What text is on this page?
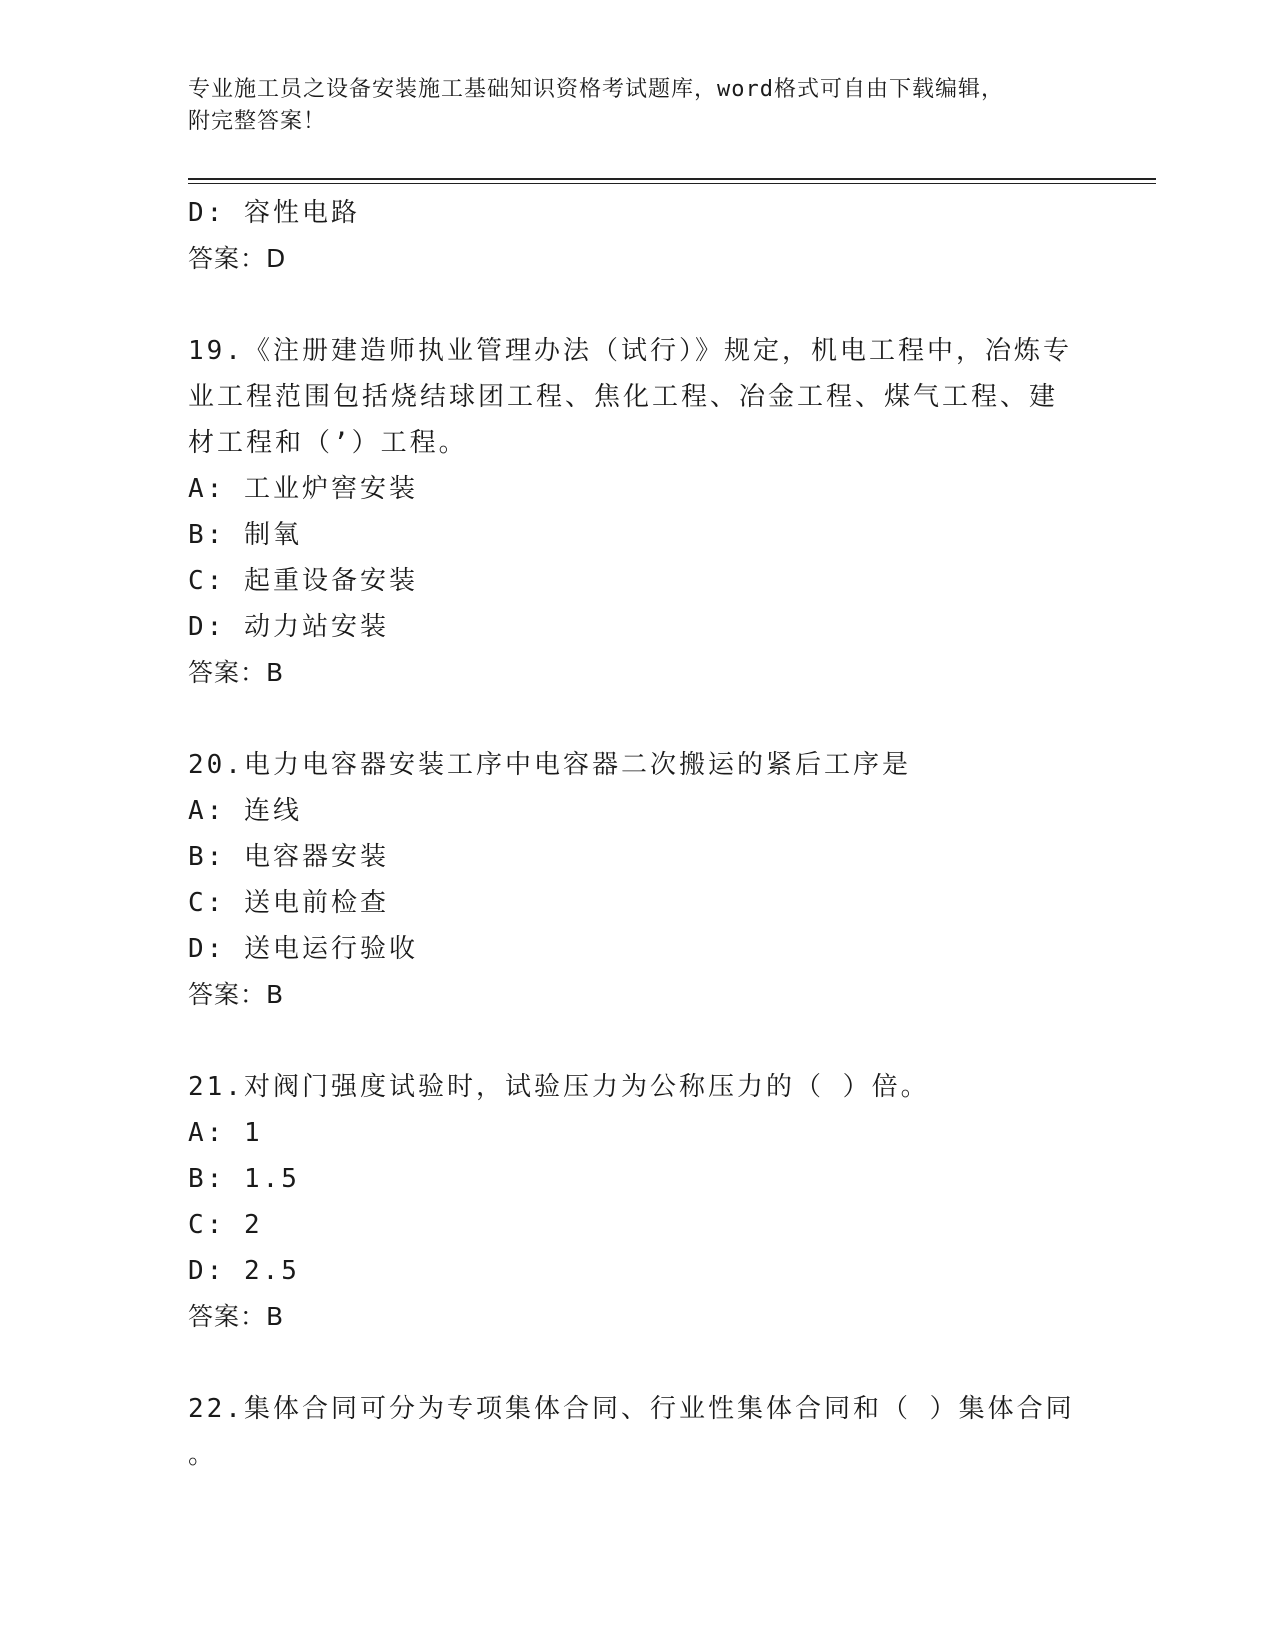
专业施工员之设备安装施工基础知识资格考试题库，word格式可自由下载编辑，
附完整答案！
D: 容性电路
答案：D
19.《注册建造师执业管理办法（试行）》规定，机电工程中，冶炼专
业工程范围包括烧结球团工程、焦化工程、冶金工程、煤气工程、建
材工程和（’）工程。
A: 工业炉窖安装
B: 制氧
C: 起重设备安装
D: 动力站安装
答案：B
20.电力电容器安装工序中电容器二次搬运的紧后工序是
A: 连线
B: 电容器安装
C: 送电前检查
D: 送电运行验收
答案：B
21.对阀门强度试验时，试验压力为公称压力的（ ）倍。
A: 1
B: 1.5
C: 2
D: 2.5
答案：B
22.集体合同可分为专项集体合同、行业性集体合同和（ ）集体合同
。
